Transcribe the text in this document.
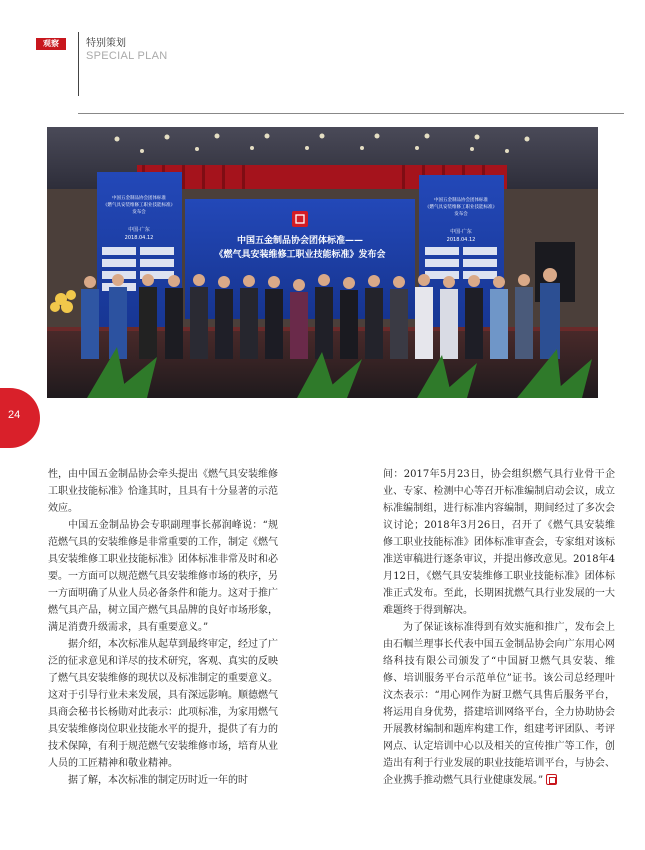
观察	特别策划
SPECIAL PLAN
中国五金制品协会团体标准——
《燃气具安装维修工职业技能标准》发布会
中国五金制品协会团体标准
《燃气具安装维修工职业技能标准》
发布会
中国·广东
2018.04.12
中国五金制品协会团体标准
《燃气具安装维修工职业技能标准》
发布会
中国·广东
2018.04.12
24

性，由中国五金制品协会牵头提出《燃气具安装维修工职业技能标准》恰逢其时，且具有十分显著的示范效应。

中国五金制品协会专职副理事长郝润峰说：“规范燃气具的安装维修是非常重要的工作，制定《燃气具安装维修工职业技能标准》团体标准非常及时和必要。一方面可以规范燃气具安装维修市场的秩序，另一方面明确了从业人员必备条件和能力。这对于推广燃气具产品，树立国产燃气具品牌的良好市场形象，满足消费升级需求，具有重要意义。”

据介绍，本次标准从起草到最终审定，经过了广泛的征求意见和详尽的技术研究，客观、真实的反映了燃气具安装维修的现状以及标准制定的重要意义。这对于引导行业未来发展，具有深远影响。顺德燃气具商会秘书长杨勋对此表示：此项标准，为家用燃气具安装维修岗位职业技能水平的提升，提供了有力的技术保障，有利于规范燃气安装维修市场，培育从业人员的工匠精神和敬业精神。

据了解，本次标准的制定历时近一年的时

间：2017年5月23日，协会组织燃气具行业骨干企业、专家、检测中心等召开标准编制启动会议，成立标准编制组，进行标准内容编制，期间经过了多次会议讨论；2018年3月26日，召开了《燃气具安装维修工职业技能标准》团体标准审查会，专家组对该标准送审稿进行逐条审议，并提出修改意见。2018年4月12日，《燃气具安装维修工职业技能标准》团体标准正式发布。至此，长期困扰燃气具行业发展的一大难题终于得到解决。

为了保证该标准得到有效实施和推广，发布会上由石帼兰理事长代表中国五金制品协会向广东用心网络科技有限公司颁发了“中国厨卫燃气具安装、维修、培训服务平台示范单位”证书。该公司总经理叶汶杰表示：“用心网作为厨卫燃气具售后服务平台，将运用自身优势，搭建培训网络平台，全力协助协会开展教材编制和题库构建工作，组建考评团队、考评网点、认定培训中心以及相关的宣传推广等工作，创造出有利于行业发展的职业技能培训平台，与协会、企业携手推动燃气具行业健康发展。”
